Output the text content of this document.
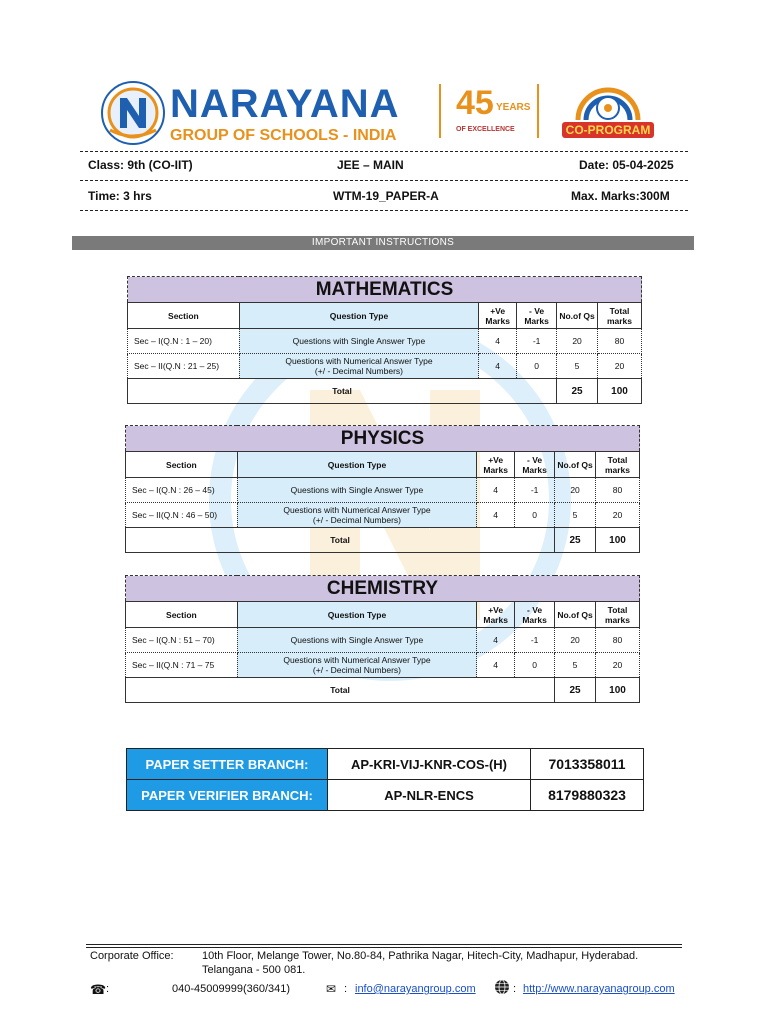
NARAYANA
GROUP OF SCHOOLS - INDIA
45 YEARS
OF EXCELLENCE	CO-PROGRAM
Class: 9th (CO-IIT)	JEE – MAIN	Date: 05-04-2025
Time: 3 hrs	WTM-19_PAPER-A	Max. Marks:300M
IMPORTANT INSTRUCTIONS
MATHEMATICS					
Section	Question Type	+Ve Marks	- Ve Marks	No.of Qs	Total marks
Sec – I(Q.N : 1 – 20)	Questions with Single Answer Type	4	-1	20	80
Sec – II(Q.N : 21 – 25)	Questions with Numerical Answer Type
(+/ - Decimal Numbers)	4	0	5	20
Total				25	100
PHYSICS					
Section	Question Type	+Ve Marks	- Ve Marks	No.of Qs	Total marks
Sec – I(Q.N : 26 – 45)	Questions with Single Answer Type	4	-1	20	80
Sec – II(Q.N : 46 – 50)	Questions with Numerical Answer Type
(+/ - Decimal Numbers)	4	0	5	20
Total				25	100
CHEMISTRY					
Section	Question Type	+Ve Marks	- Ve Marks	No.of Qs	Total marks
Sec – I(Q.N : 51 – 70)	Questions with Single Answer Type	4	-1	20	80
Sec – II(Q.N : 71 – 75	Questions with Numerical Answer Type
(+/ - Decimal Numbers)	4	0	5	20
Total				25	100
PAPER SETTER BRANCH:	AP-KRI-VIJ-KNR-COS-(H)	7013358011
PAPER VERIFIER BRANCH:	AP-NLR-ENCS	8179880323
Corporate Office:	10th Floor, Melange Tower, No.80-84, Pathrika Nagar, Hitech-City, Madhapur, Hyderabad.
Telangana - 500 081.
☎ :	040-45009999(360/341)	✉ : info@narayangroup.com	: http://www.narayanagroup.com
